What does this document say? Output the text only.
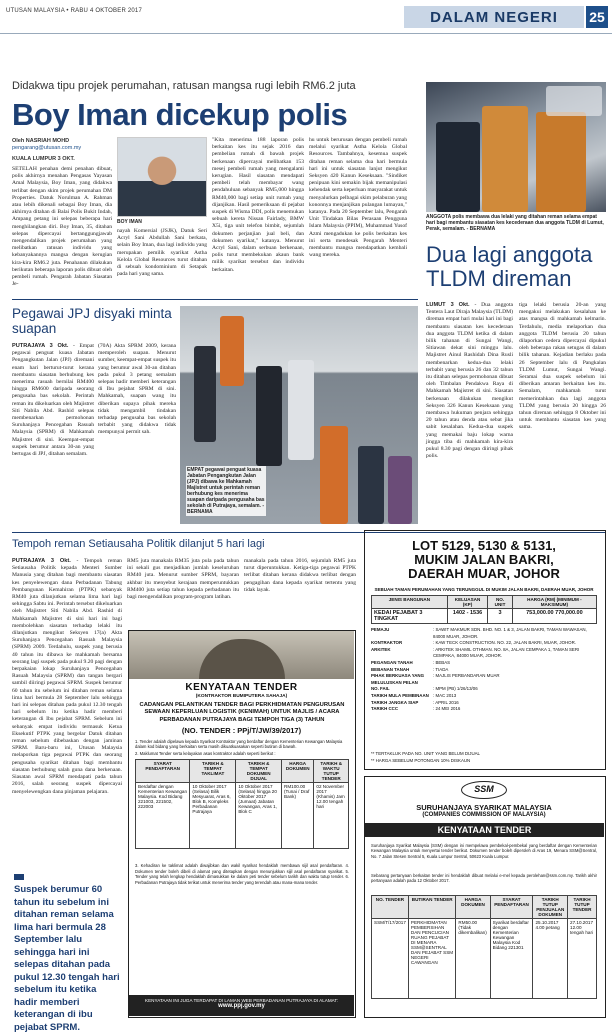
UTUSAN MALAYSIA • RABU 4 OKTOBER 2017	DALAM NEGERI	25
Didakwa tipu projek perumahan, ratusan mangsa rugi lebih RM6.2 juta
Boy Iman dicekup polis
Oleh NASRIAH MOHD
pengarang@utusan.com.my
KUALA LUMPUR 3 OKT.
SETELAH penahan demi penahan dibuat, polis akhirnya menahan Pengasas Yayasan Amal Malaysia, Boy Iman, yang didakwa terlibat dengan skim projek perumahan DM Properties. Datuk Norulman A. Rahman atau lebih dikenali sebagai Boy Iman, dia akhirnya ditahan di Balai Polis Bukit Indah, Ampang petang ini selepas beberapa hari menghilangkan diri. Boy Iman, 35, ditahan selepas dipercayai bertanggungjawab mengendalikan projek perumahan yang melibatkan ratusan individu yang kebanyakannya mangsa dengan kerugian kira-kira RM6.2 juta. Penahanan dilakukan berikutan beberapa laporan polis dibuat oleh pembeli rumah. Pengarah Jabatan Siasatan Je-
BOY IMAN
nayah Komersial (JSJK), Datuk Seri Acryl Sani Abdullah Sani berkata, selain Boy Iman, dua lagi individu yang merupakan pemilik syarikat Astha Kelola Global Resources turut ditahan di sebuah kondominium di Setapak pada hari yang sama.
"Kita menerima 188 laporan polis berkaitan kes itu sejak 2016 dan pembelian rumah di bawah projek berkenaan dipercayai melibatkan 153 mesej pembeli rumah yang mengalami kerugian. Hasil siasatan mendapati pembeli telah membayar wang pendahuluan sebanyak RM5,000 hingga RM40,000 bagi setiap unit rumah yang dijanjikan. Hasil pemeriksaan di pejabat suspek di Wisma DDI, polis menemukan sebuah kereta Nissan Fairlady, BMW X5i, tiga unit telefon bimbit, sejumlah dokumen perjanjian jual beli, dan dokumen syarikat," katanya. Menurut Acryl Sani, dalam serbuan berkenaan, polis turut membekukan akaun bank milik syarikat tersebut dan individu berkaitan.
hu untuk berurusan dengan pembeli rumah melalui syarikat Astha Kelola Global Resources. Tambahnya, kesemua suspek ditahan reman selama dua hari bermula hari ini untuk siasatan lanjut mengikut Seksyen 420 Kanun Keseksaan. "Sindiket penipuan kini semakin bijak memanipulasi kehendak serta keperluan masyarakat untuk menyalurkan pelbagai skim pelaburan yang kononnya menjanjikan pulangan lumayan," katanya. Pada 20 September lalu, Pengarah Unit Tindakan Bilas Perasaan Pengguna Islam Malaysia (PPIM), Muhammad Yusof Azmi mengadukan ke polis berkaitan kes ini serta mendesak Pengarah Menteri membantu mangsa mendapatkan kembali wang mereka.
ANGGOTA polis membawa dua lelaki yang ditahan reman selama empat hari bagi membantu siasatan kes kecederaan dua anggota TLDM di Lumut, Perak, semalam. - BERNAMA
Dua lagi anggota TLDM direman
LUMUT 3 Okt. - Dua anggota Tentera Laut Diraja Malaysia (TLDM) direman empat hari mulai hari ini bagi membantu siasatan kes kecederaan dua anggota TLDM ketika di dalam bilik tahanan di Sungai Wangi, Sitiawan dekat sini minggu lalu. Majistret Ainul Rashidah Dina Rusli membenarkan kedua-dua lelaki terbabit yang berusia 26 dan 32 tahun itu ditahan selepas permohonan dibuat oleh Timbalan Pendakwa Raya di Mahkamah Majistret di sini. Siasatan berkenaan dilakukan mengikut Seksyen 326 Kanun Keseksaan yang membawa hukuman penjara sehingga 20 tahun atau denda atau sebat jika sabit kesalahan. Kedua-dua suspek yang memakai baju lokap warna jingga tiba di mahkamah kira-kira pukul 8.30 pagi dengan diiringi pihak polis.
tiga lelaki berusia 20-an yang mengakui melakukan kesalahan ke atas mangsa di mahkamah kelmarin. Terdahulu, media melaporkan dua anggota TLDM berusia 20 tahun dilaporkan cedera dipercayai dipukul oleh beberapa rakan setugas di dalam bilik tahanan. Kejadian berlaku pada 26 September lalu di Pangkalan TLDM Lumut, Sungai Wangi. Seramai dua suspek sebelum ini diberikan amaran berkaitan kes itu. Semalam, mahkamah turut memerintahkan dua lagi anggota TLDM yang berusia 20 hingga 26 tahun direman sehingga 8 Oktober ini untuk membantu siasatan kes yang sama.
Pegawai JPJ disyaki minta suapan
PUTRAJAYA 3 Okt. - Empat pegawai penguat kuasa Jabatan Pengangkutan Jalan (JPJ) diremani enam hari berturut-turut kerana membantu siasatan berhubung kes menerima rasuah bernilai RM400 hingga RM600 daripada seorang pengusaha bas sekolah. Perintah reman itu dikeluarkan oleh Majistret Siti Nabila Abd. Rashid selepas membenarkan permohonan Suruhanjaya Pencegahan Rasuah Malaysia (SPRM) di Mahkamah Majistret di sini. Keempat-empat suspek berumur antara 30-an yang bertugas di JPJ, ditahan semalam.
(70A) Akta SPRM 2009, kerana memperoleh suapan. Menurut sumber, keempat-empat suspek itu yang berumur awal 30-an ditahan pada pukul 3 petang semalam selepas hadir memberi keterangan di Ibu pejabat SPRM di sini. Mahkamah, suapan wang itu diberikan supaya pihak mereka tidak mengambil tindakan terhadap pengusaha bas sekolah terbabit yang didakwa tidak mempunyai permit sah.
EMPAT pegawai penguat kuasa Jabatan Pengangkutan Jalan (JPJ) dibawa ke Mahkamah Majistret untuk perintah reman berhubung kes menerima suapan daripada pengusaha bas sekolah di Putrajaya, semalam. - BERNAMA
Tempoh reman Setiausaha Politik dilanjut 5 hari lagi
PUTRAJAYA 3 Okt. - Tempoh reman Setiausaha Politik kepada Menteri Sumber Manusia yang ditahan bagi membantu siasatan kes penyelewengan dana Perbadanan Tabung Pembangunan Kemahiran (PTPK) sebanyak RM40 juta dilanjutkan selama lima hari lagi sehingga Sabtu ini. Perintah tersebut dikeluarkan oleh Majistret Siti Nabila Abd. Rashid di Mahkamah Majistret di sini hari ini bagi membolehkan siasatan terhadap lelaki itu dilanjutkan mengikut Seksyen 17(a) Akta Suruhanjaya Pencegahan Rasuah Malaysia (SPRM) 2009. Terdahulu, suspek yang berusia 40 tahun itu dibawa ke mahkamah bersama seorang lagi suspek pada pukul 9.20 pagi dengan berpakaian lokap Suruhanjaya Pencegahan Rasuah Malaysia (SPRM) dan tangan bergari sambil diiringi pegawai SPRM. Suspek berumur 60 tahun itu sebelum ini ditahan reman selama lima hari bermula 28 September lalu sehingga hari ini selepas ditahan pada pukul 12.30 tengah hari sebelum itu ketika hadir memberi keterangan di Ibu pejabat SPRM. Sebelum ini sebanyak empat individu termasuk Ketua Eksekutif PTPK yang bergelar Datuk ditahan reman sebelum dibebaskan dengan jaminan SPRM. Baru-baru ini, Utusan Malaysia melaporkan tiga pegawai PTPK dan seorang pengusaha syarikat ditahan bagi membantu siasatan berhubung salah guna dana berkenaan. Siasatan awal SPRM mendapati pada tahun 2016, salah seorang suspek dipercayai menyelewengkan dana pinjaman pelajaran.
RM5 juta manakala RM35 juta pula pada tahun ini sekali gus menjadikan jumlah keseluruhan RM40 juta. Menurut sumber SPRM, bayaran akhbar itu menyebut kerajaan memperuntukkan RM400 juta setiap tahun kepada perbadanan itu bagi mengendalikan program-program latihan.
manakala pada tahun 2016, sejumlah RM5 juta turut diperuntukkan. Ketiga-tiga pegawai PTPK terlibat ditahan kerana didakwa terlibat dengan pengagihan dana kepada syarikat tertentu yang tidak layak.
Suspek berumur 60 tahun itu sebelum ini ditahan reman selama lima hari bermula 28 September lalu sehingga hari ini selepas ditahan pada pukul 12.30 tengah hari sebelum itu ketika hadir memberi keterangan di ibu pejabat SPRM.
LOT 5129, 5130 & 5131,
MUKIM JALAN BAKRI,
DAERAH MUAR, JOHOR
SEBUAH TAMAN PERUMAHAN YANG TERUNGGUL DI MUKIM JALAN BAKRI, DAERAH MUAR, JOHOR
JENIS BANGUNAN	KELUASAN (KP)	NO. UNIT	HARGA (RM) (MINIMUM - MAKSIMUM)
KEDAI PEJABAT 3 TINGKAT	1402 - 1536	3	753,000.00 770,000.00
PEMAJU	: SAWIT MAKMUR SDN. BHD. NO. 1 & 3, JALAN BAKRI, TAMAN WAWASAN, 84000 MUAR, JOHOR.
KONTRAKTOR	: KAW TECK CONSTRUCTION. NO. 22, JALAN BAKRI, MUAR, JOHOR.
ARKITEK	: ARKITEK SHAMIL OTHMAN. NO. 8A, JALAN CEMPAKA 1, TAMAN SERI CEMPAKA, 84000 MUAR, JOHOR.
PEGANGAN TANAH	: BEBAS
BEBANAN TANAH	: TIADA
PIHAK BERKUASA YANG MELULUSKAN PELAN
: MAJLIS PERBANDARAN MUAR
NO. FAIL	: MPM (PB) 1/26/13/06
TARIKH MULA PEMBINAAN : MAC 2013
TARIKH JANGKA SIAP	: APRIL 2016
TARIKH CCC	: 24 MEI 2016
** TERTAKLUK PADA NO. UNIT YANG BELUM DIJUAL
** HARGA SEBELUM POTONGAN 10% DISKAUN
KENYATAAN TENDER
(KONTRAKTOR BUMIPUTERA SAHAJA)
CADANGAN PELANTIKAN TENDER BAGI PERKHIDMATAN PENGURUSAN SEWAAN KEPERLUAN LOGISTIK (KENIMAH) UNTUK MAJLIS / ACARA PERBADANAN PUTRAJAYA BAGI TEMPOH TIGA (3) TAHUN
(NO. TENDER : PPj/T/JW/39/2017)
1. Tender adalah dipelawa kepada Syarikat Kontraktor yang berdaftar dengan Kementerian Kewangan Malaysia dalam kod bidang yang berkaitan serta masih dikuatkuasakan seperti butiran di bawah.
2. Maklumat Tender serta kelayakan asas kontraktor adalah seperti berikut :
SYARAT PENDAFTARAN	TARIKH & TEMPAT TAKLIMAT	TARIKH & TEMPAT DOKUMEN DIJUAL	HARGA DOKUMEN	TARIKH & WAKTU TUTUP TENDER
Berdaftar dengan Kementerian Kewangan Malaysia. Kod Bidang 221003, 221502, 222003	10 Oktober 2017 (Selasa) Bilik Mesyuarat, Aras 6, Blok B, Kompleks Perbadanan Putrajaya	10 Oktober 2017 (Selasa) hingga 20 Oktober 2017 (Jumaat) Jabatan Kewangan, Aras 1, Blok C	RM100.00 (Tunai / Draf Bank)	02 November 2017 (Khamis) Jam 12.00 tengah hari
3. Kehadiran ke taklimat adalah diwajibkan dan wakil syarikat hendaklah membawa sijil asal pendaftaran. 4. Dokumen tender boleh dibeli di alamat yang ditetapkan dengan menunjukkan sijil asal pendaftaran syarikat. 5. Tender yang telah lengkap hendaklah dimasukkan ke dalam peti tender sebelum tarikh dan waktu tutup tender. 6. Perbadanan Putrajaya tidak terikat untuk menerima tender yang terendah atau mana-mana tender.
KENYATAAN INI JUGA TERDAPAT DI LAMAN WEB PERBADANAN PUTRAJAYA DI ALAMAT:
www.ppj.gov.my
SSM
SURUHANJAYA SYARIKAT MALAYSIA
(COMPANIES COMMISSION OF MALAYSIA)
KENYATAAN TENDER
Suruhanjaya Syarikat Malaysia (SSM) dengan ini mempelawa pembekal-pembekal yang berdaftar dengan Kementerian Kewangan Malaysia untuk menyertai tender berikut. Dokumen tender boleh diperoleh di Aras 19, Menara SSM@Sentral, No. 7 Jalan Stesen Sentral 5, Kuala Lumpur Sentral, 50623 Kuala Lumpur.
Sebarang pertanyaan berkaitan tender ini hendaklah dibuat melalui e-mel kepada perolehan@ssm.com.my. Tarikh akhir pertanyaan adalah pada 12 Oktober 2017.
NO. TENDER	BUTIRAN TENDER	HARGA DOKUMEN	SYARAT PENDAFTARAN	TARIKH TUTUP PENJUALAN DOKUMEN	TARIKH TUTUP TENDER
SSM/T/17/2017	PERKHIDMATAN PEMBERSIHAN DAN PENCUCIAN RUANG PEJABAT DI MENARA SSM@SENTRAL DAN PEJABAT SSM NEGERI CAWANGAN	RM50.00 (Tidak dikembalikan)	Syarikat berdaftar dengan Kementerian Kewangan Malaysia Kod Bidang 221301	25.10.2017 4.00 petang	27.10.2017 12.00 tengah hari
